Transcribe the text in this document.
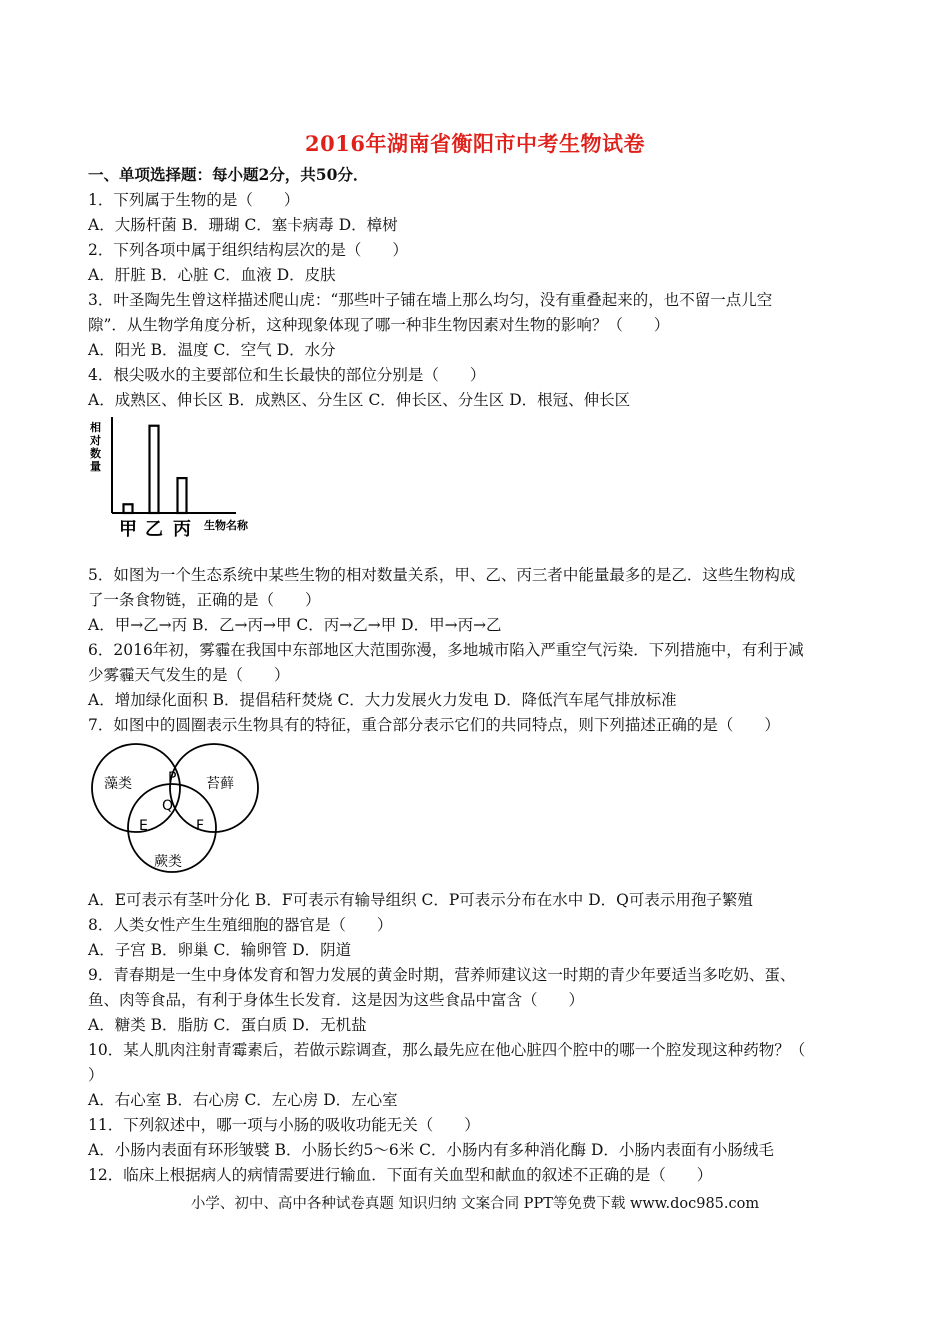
2016年湖南省衡阳市中考生物试卷
一、单项选择题：每小题2分，共50分．
1．下列属于生物的是（　　）
A．大肠杆菌 B．珊瑚 C．塞卡病毒 D．樟树
2．下列各项中属于组织结构层次的是（　　）
A．肝脏 B．心脏 C．血液 D．皮肤
3．叶圣陶先生曾这样描述爬山虎：“那些叶子铺在墙上那么均匀，没有重叠起来的，也不留一点儿空
隙”．从生物学角度分析，这种现象体现了哪一种非生物因素对生物的影响？（　　）
A．阳光 B．温度 C．空气 D．水分
4．根尖吸水的主要部位和生长最快的部位分别是（　　）
A．成熟区、伸长区 B．成熟区、分生区 C．伸长区、分生区 D．根冠、伸长区
5．如图为一个生态系统中某些生物的相对数量关系，甲、乙、丙三者中能量最多的是乙．这些生物构成
了一条食物链，正确的是（　　）
A．甲→乙→丙 B．乙→丙→甲 C．丙→乙→甲 D．甲→丙→乙
6．2016年初，雾霾在我国中东部地区大范围弥漫，多地城市陷入严重空气污染．下列措施中，有利于减
少雾霾天气发生的是（　　）
A．增加绿化面积 B．提倡秸秆焚烧 C．大力发展火力发电 D．降低汽车尾气排放标准
7．如图中的圆圈表示生物具有的特征，重合部分表示它们的共同特点，则下列描述正确的是（　　）
A．E可表示有茎叶分化 B．F可表示有输导组织 C．P可表示分布在水中 D．Q可表示用孢子繁殖
8．人类女性产生生殖细胞的器官是（　　）
A．子宫 B．卵巢 C．输卵管 D．阴道
9．青春期是一生中身体发育和智力发展的黄金时期，营养师建议这一时期的青少年要适当多吃奶、蛋、
鱼、肉等食品，有利于身体生长发育．这是因为这些食品中富含（　　）
A．糖类 B．脂肪 C．蛋白质 D．无机盐
10．某人肌肉注射青霉素后，若做示踪调查，那么最先应在他心脏四个腔中的哪一个腔发现这种药物？（
）
A．右心室 B．右心房 C．左心房 D．左心室
11．下列叙述中，哪一项与小肠的吸收功能无关（　　）
A．小肠内表面有环形皱襞 B．小肠长约5～6米 C．小肠内有多种消化酶 D．小肠内表面有小肠绒毛
12．临床上根据病人的病情需要进行输血．下面有关血型和献血的叙述不正确的是（　　）
甲 乙 丙
相对数量
生物名称
藻类	苔藓
蕨类
P
Q
E	F
小学、初中、高中各种试卷真题 知识归纳 文案合同 PPT等免费下载 www.doc985.com
